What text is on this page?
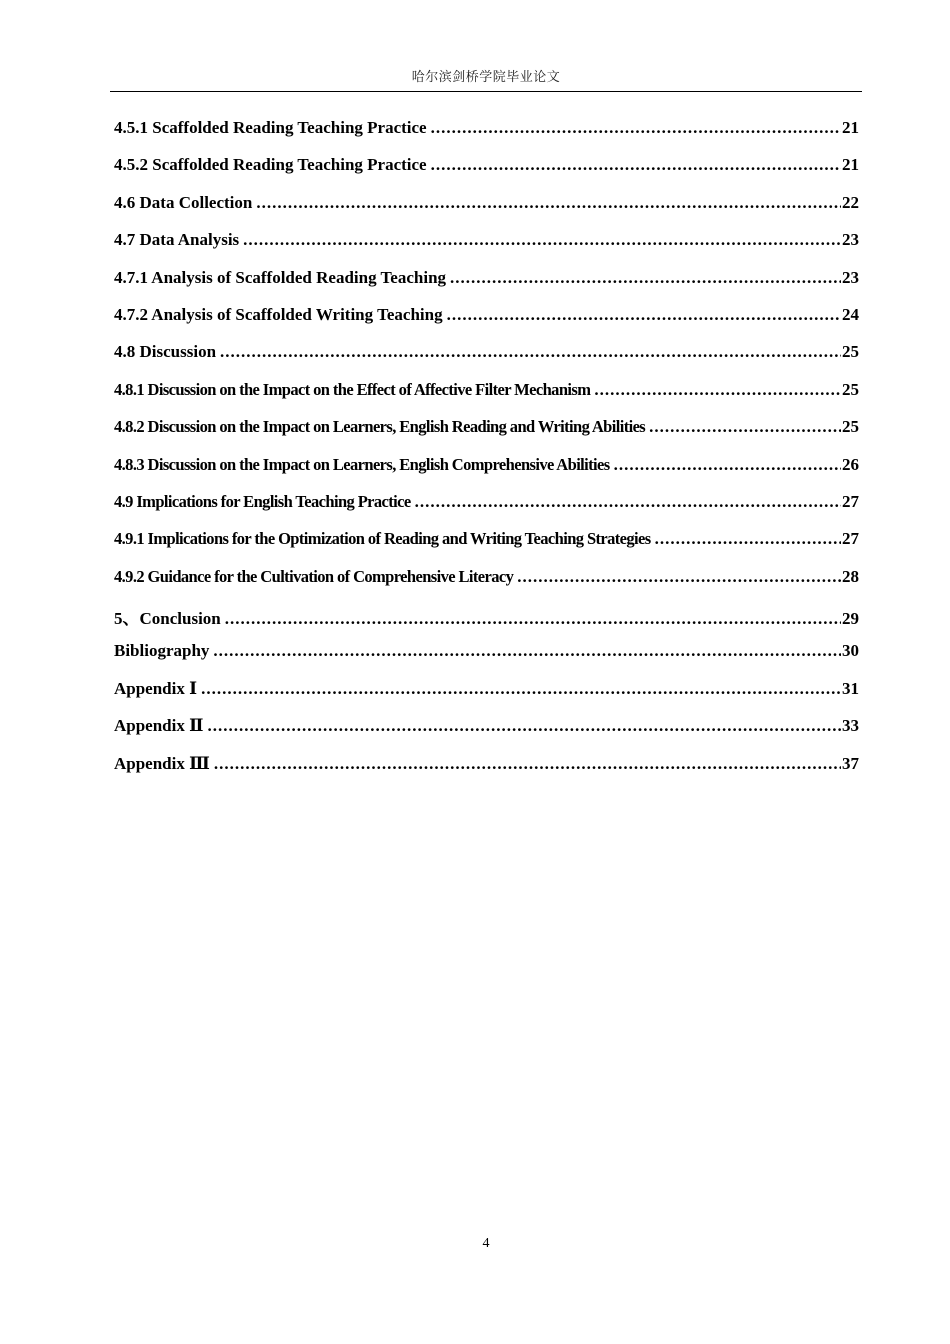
哈尔滨剑桥学院毕业论文
4.5.1 Scaffolded Reading Teaching Practice .....	21
4.5.2 Scaffolded Reading Teaching Practice .....	21
4.6 Data Collection .....	22
4.7 Data Analysis .....	23
4.7.1 Analysis of Scaffolded Reading Teaching .....	23
4.7.2 Analysis of Scaffolded Writing Teaching .....	24
4.8 Discussion .....	25
4.8.1 Discussion on the Impact on the Effect of Affective Filter Mechanism .....	25
4.8.2 Discussion on the Impact on Learners, English Reading and Writing Abilities .....	25
4.8.3 Discussion on the Impact on Learners, English Comprehensive Abilities .....	26
4.9 Implications for English Teaching Practice .....	27
4.9.1 Implications for the Optimization of Reading and Writing Teaching Strategies .....	27
4.9.2 Guidance for the Cultivation of Comprehensive Literacy .....	28
5、Conclusion .....	29
Bibliography .....	30
Appendix Ⅰ .....	31
Appendix Ⅱ .....	33
Appendix Ⅲ .....	37
4
